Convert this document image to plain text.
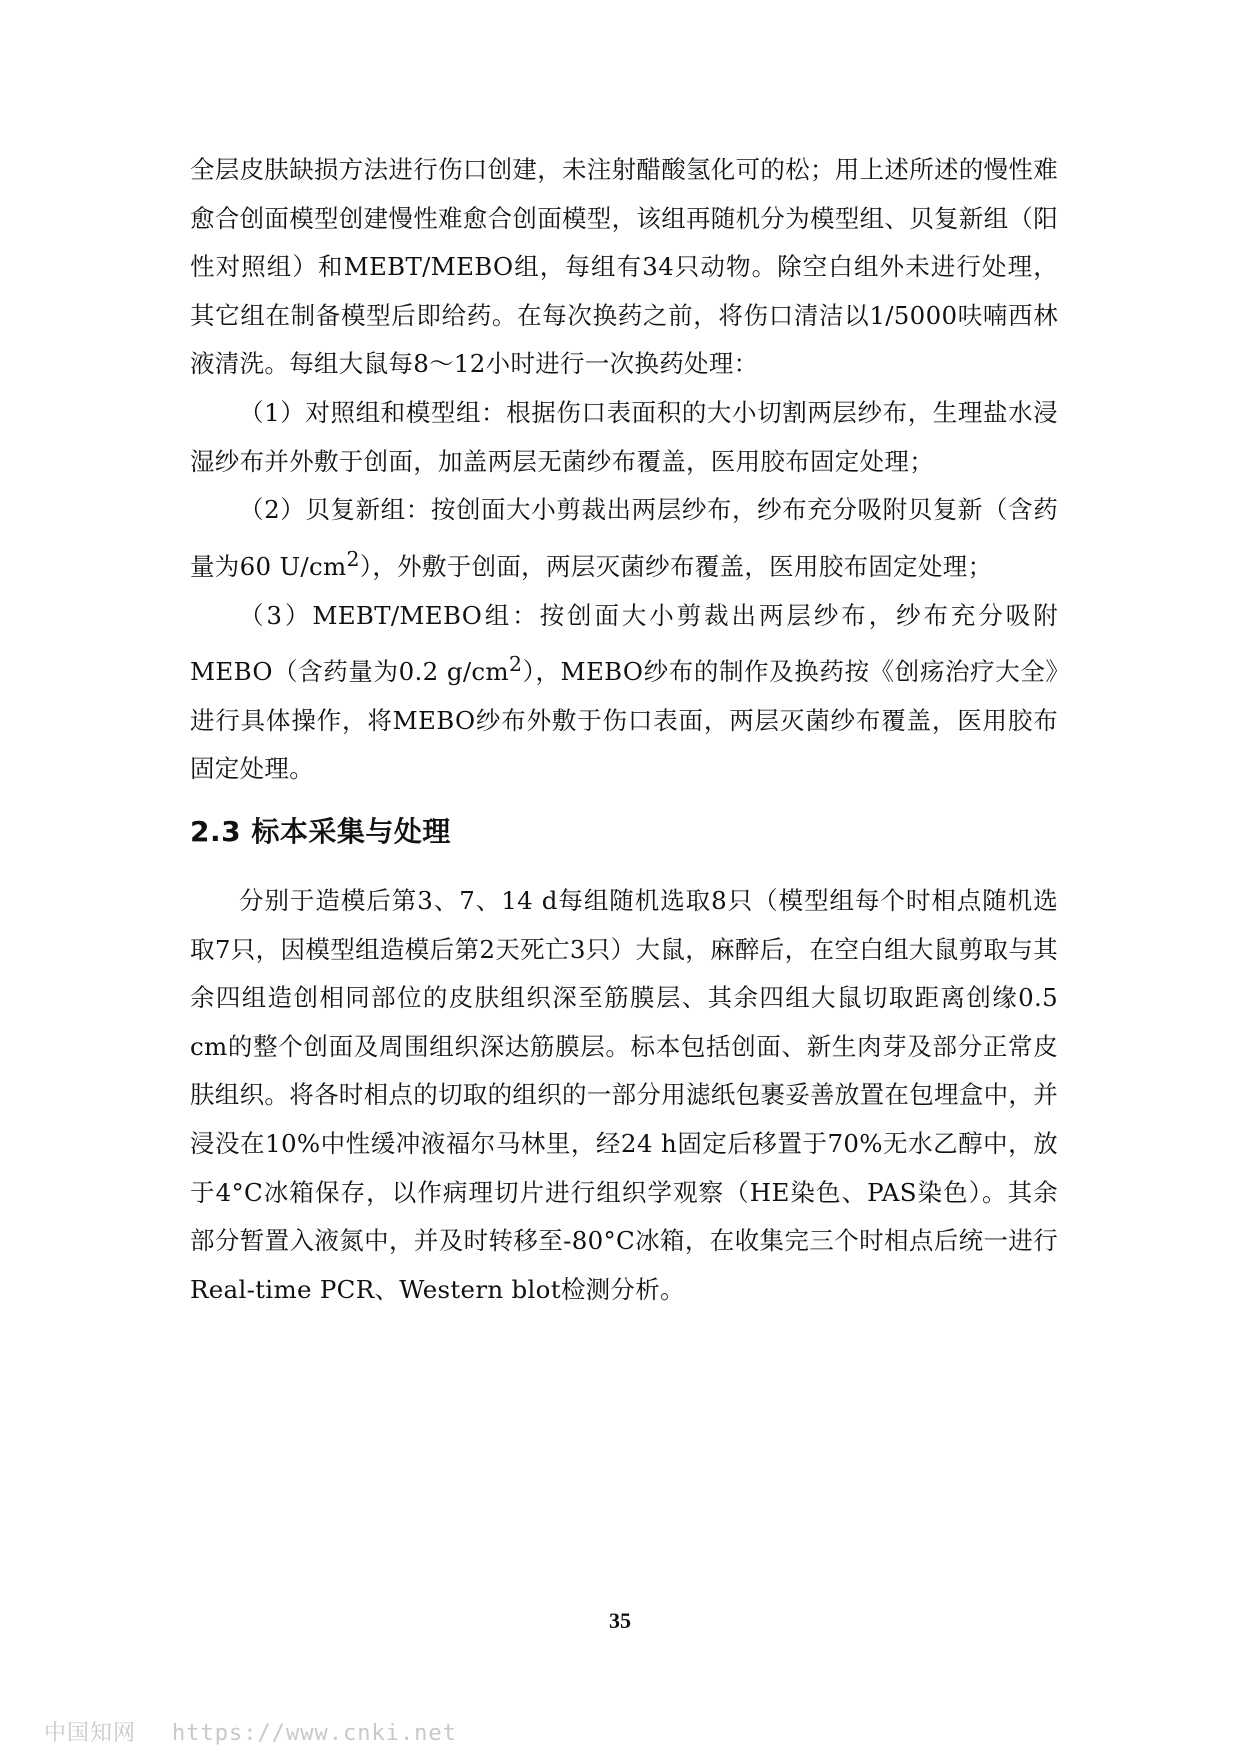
全层皮肤缺损方法进行伤口创建，未注射醋酸氢化可的松；用上述所述的慢性难愈合创面模型创建慢性难愈合创面模型，该组再随机分为模型组、贝复新组（阳性对照组）和MEBT/MEBO组，每组有34只动物。除空白组外未进行处理，其它组在制备模型后即给药。在每次换药之前，将伤口清洁以1/5000呋喃西林液清洗。每组大鼠每8～12小时进行一次换药处理：

（1）对照组和模型组：根据伤口表面积的大小切割两层纱布，生理盐水浸湿纱布并外敷于创面，加盖两层无菌纱布覆盖，医用胶布固定处理；

（2）贝复新组：按创面大小剪裁出两层纱布，纱布充分吸附贝复新（含药量为60 $U/cm^2$），外敷于创面，两层灭菌纱布覆盖，医用胶布固定处理；

（3）MEBT/MEBO组：按创面大小剪裁出两层纱布，纱布充分吸附MEBO（含药量为0.2 $g/cm^2$），MEBO纱布的制作及换药按《创疡治疗大全》进行具体操作，将MEBO纱布外敷于伤口表面，两层灭菌纱布覆盖，医用胶布固定处理。

2.3 标本采集与处理

分别于造模后第3、7、14 d每组随机选取8只（模型组每个时相点随机选取7只，因模型组造模后第2天死亡3只）大鼠，麻醉后，在空白组大鼠剪取与其余四组造创相同部位的皮肤组织深至筋膜层、其余四组大鼠切取距离创缘0.5 cm的整个创面及周围组织深达筋膜层。标本包括创面、新生肉芽及部分正常皮肤组织。将各时相点的切取的组织的一部分用滤纸包裹妥善放置在包埋盒中，并浸没在10%中性缓冲液福尔马林里，经24 h固定后移置于70%无水乙醇中，放于4°C冰箱保存，以作病理切片进行组织学观察（HE染色、PAS染色）。其余部分暂置入液氮中，并及时转移至-80°C冰箱，在收集完三个时相点后统一进行Real-time PCR、Western blot检测分析。

35
中国知网 https://www.cnki.net
